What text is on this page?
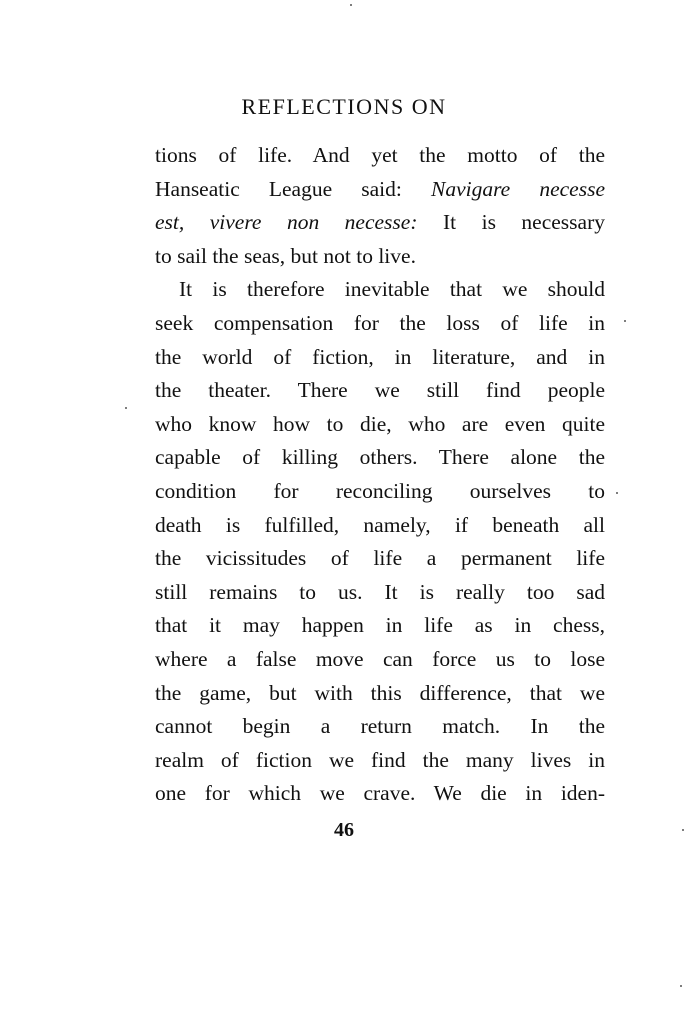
REFLECTIONS ON
tions of life. And yet the motto of the
Hanseatic League said: Navigare necesse
est, vivere non necesse: It is necessary
to sail the seas, but not to live.
It is therefore inevitable that we should
seek compensation for the loss of life in
the world of fiction, in literature, and in
the theater. There we still find people
who know how to die, who are even quite
capable of killing others. There alone the
condition for reconciling ourselves to
death is fulfilled, namely, if beneath all
the vicissitudes of life a permanent life
still remains to us. It is really too sad
that it may happen in life as in chess,
where a false move can force us to lose
the game, but with this difference, that we
cannot begin a return match. In the
realm of fiction we find the many lives in
one for which we crave. We die in iden-
46
